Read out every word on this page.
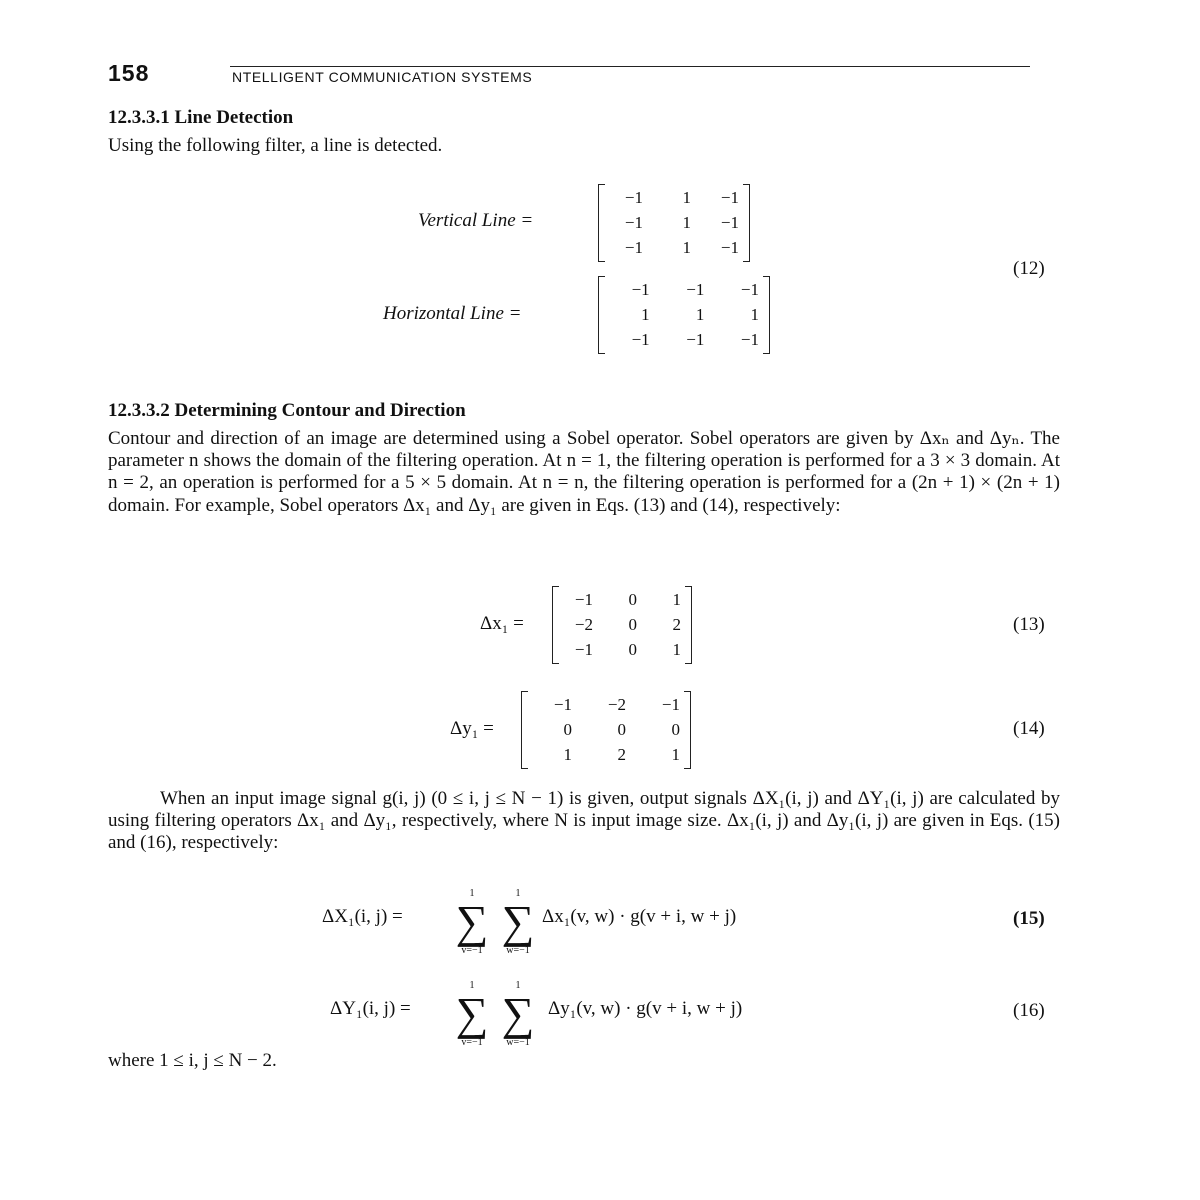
158	NTELLIGENT COMMUNICATION SYSTEMS
12.3.3.1 Line Detection
Using the following filter, a line is detected.
Vertical Line =
−1 1 −1
−1 1 −1
−1 1 −1
(12)
Horizontal Line =
−1 −1 −1
1	1	1
−1 −1 −1
12.3.3.2 Determining Contour and Direction

Contour and direction of an image are determined using a Sobel operator. Sobel operators are given by Δxₙ and Δyₙ. The parameter n shows the domain of the filtering operation. At n = 1, the filtering operation is performed for a 3 × 3 domain. At n = 2, an operation is performed for a 5 × 5 domain. At n = n, the filtering operation is performed for a (2n + 1) × (2n + 1) domain. For example, Sobel operators Δx₁ and Δy₁ are given in Eqs. (13) and (14), respectively:

Δx₁ =
−1 0 1
−2 0 2
−1 0 1
(13)
Δy₁ =
−1 −2 −1
0	0	0
1	2	1
(14)

When an input image signal g(i, j) (0 ≤ i, j ≤ N − 1) is given, output signals ΔX₁(i, j) and ΔY₁(i, j) are calculated by using filtering operators Δx₁ and Δy₁, respectively, where N is input image size. Δx₁(i, j) and Δy₁(i, j) are given in Eqs. (15) and (16), respectively:

ΔX₁(i, j) =
1
∑
v=−1
1
∑
w=−1
Δx₁(v, w) · g(v + i, w + j)	(15)
ΔY₁(i, j) =
1
∑
v=−1
1
∑
w=−1
Δy₁(v, w) · g(v + i, w + j)	(16)
where 1 ≤ i, j ≤ N − 2.
